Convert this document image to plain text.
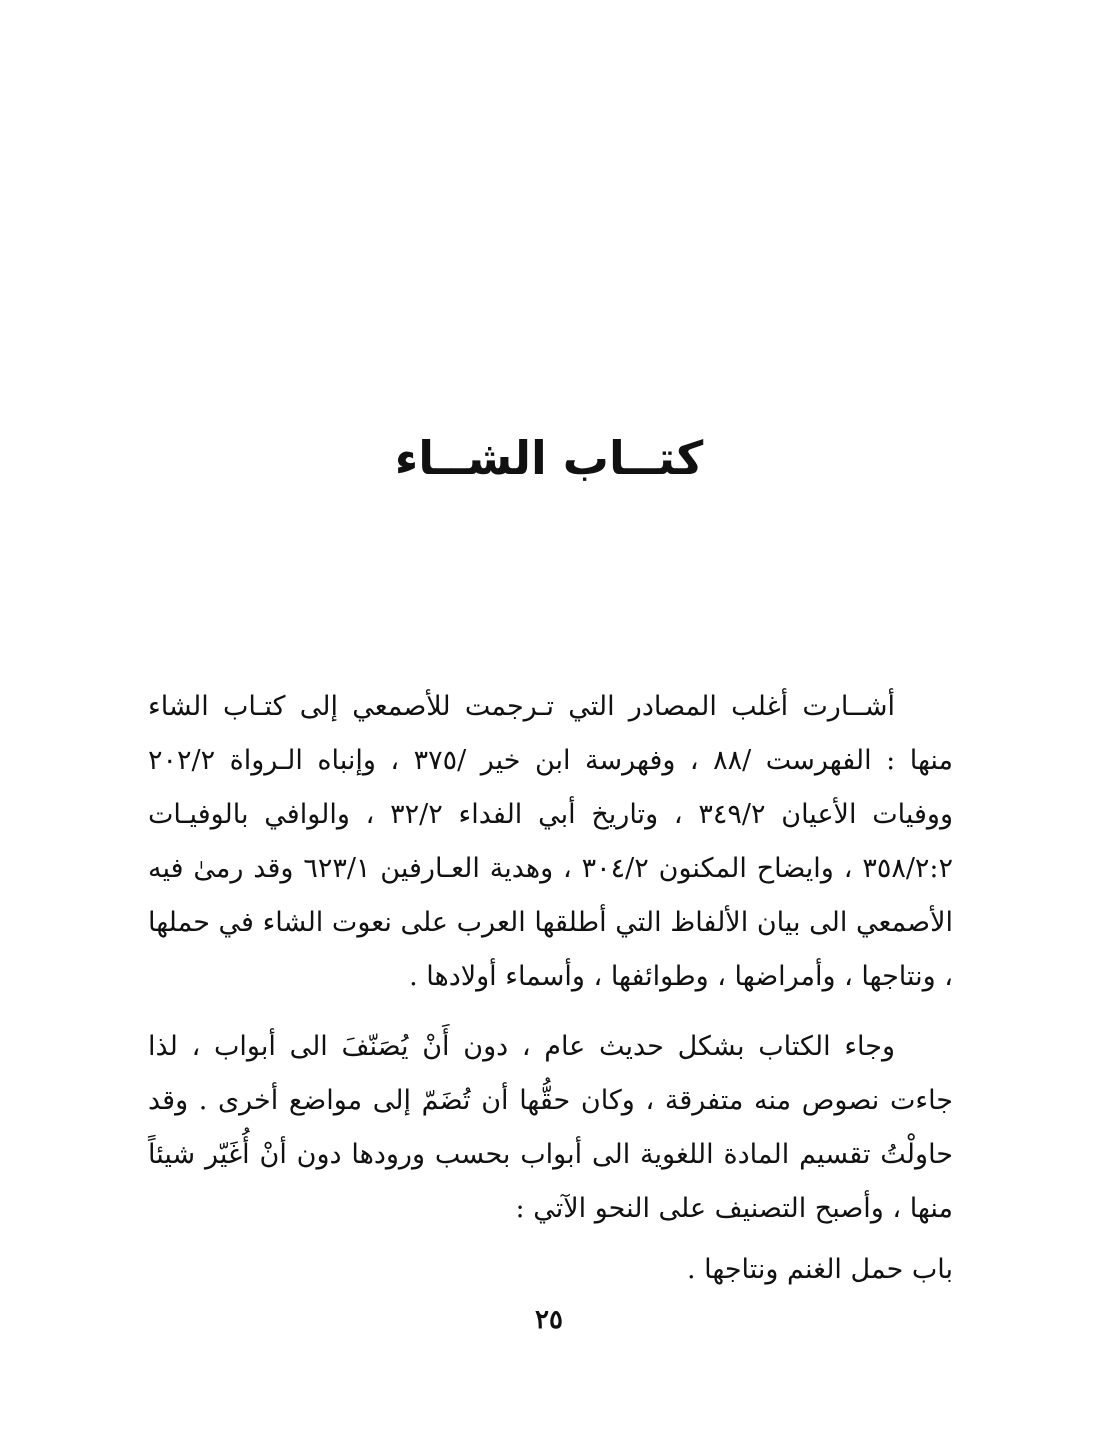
كتــاب الشــاء

أشــارت أغلب المصادر التي تـرجمت للأصمعي إلى كتـاب الشاء منها : الفهرست /٨٨ ، وفهرسة ابن خير /٣٧٥ ، وإنباه الـرواة ٢٠٢/٢ ووفيات الأعيان ٣٤٩/٢ ، وتاريخ أبي الفداء ٣٢/٢ ، والوافي بالوفيـات ٣٥٨/٢:٢ ، وايضاح المكنون ٣٠٤/٢ ، وهدية العـارفين ٦٢٣/١ وقد رمىٰ فيه الأصمعي الى بيان الألفاظ التي أطلقها العرب على نعوت الشاء في حملها ، ونتاجها ، وأمراضها ، وطوائفها ، وأسماء أولادها .

وجاء الكتاب بشكل حديث عام ، دون أَنْ يُصَنّفَ الى أبواب ، لذا جاءت نصوص منه متفرقة ، وكان حقُّها أن تُضَمّ إلى مواضع أخرى . وقد حاولْتُ تقسيم المادة اللغوية الى أبواب بحسب ورودها دون أنْ أُغَيّر شيئاً منها ، وأصبح التصنيف على النحو الآتي :

باب حمل الغنم ونتاجها .

٢٥
